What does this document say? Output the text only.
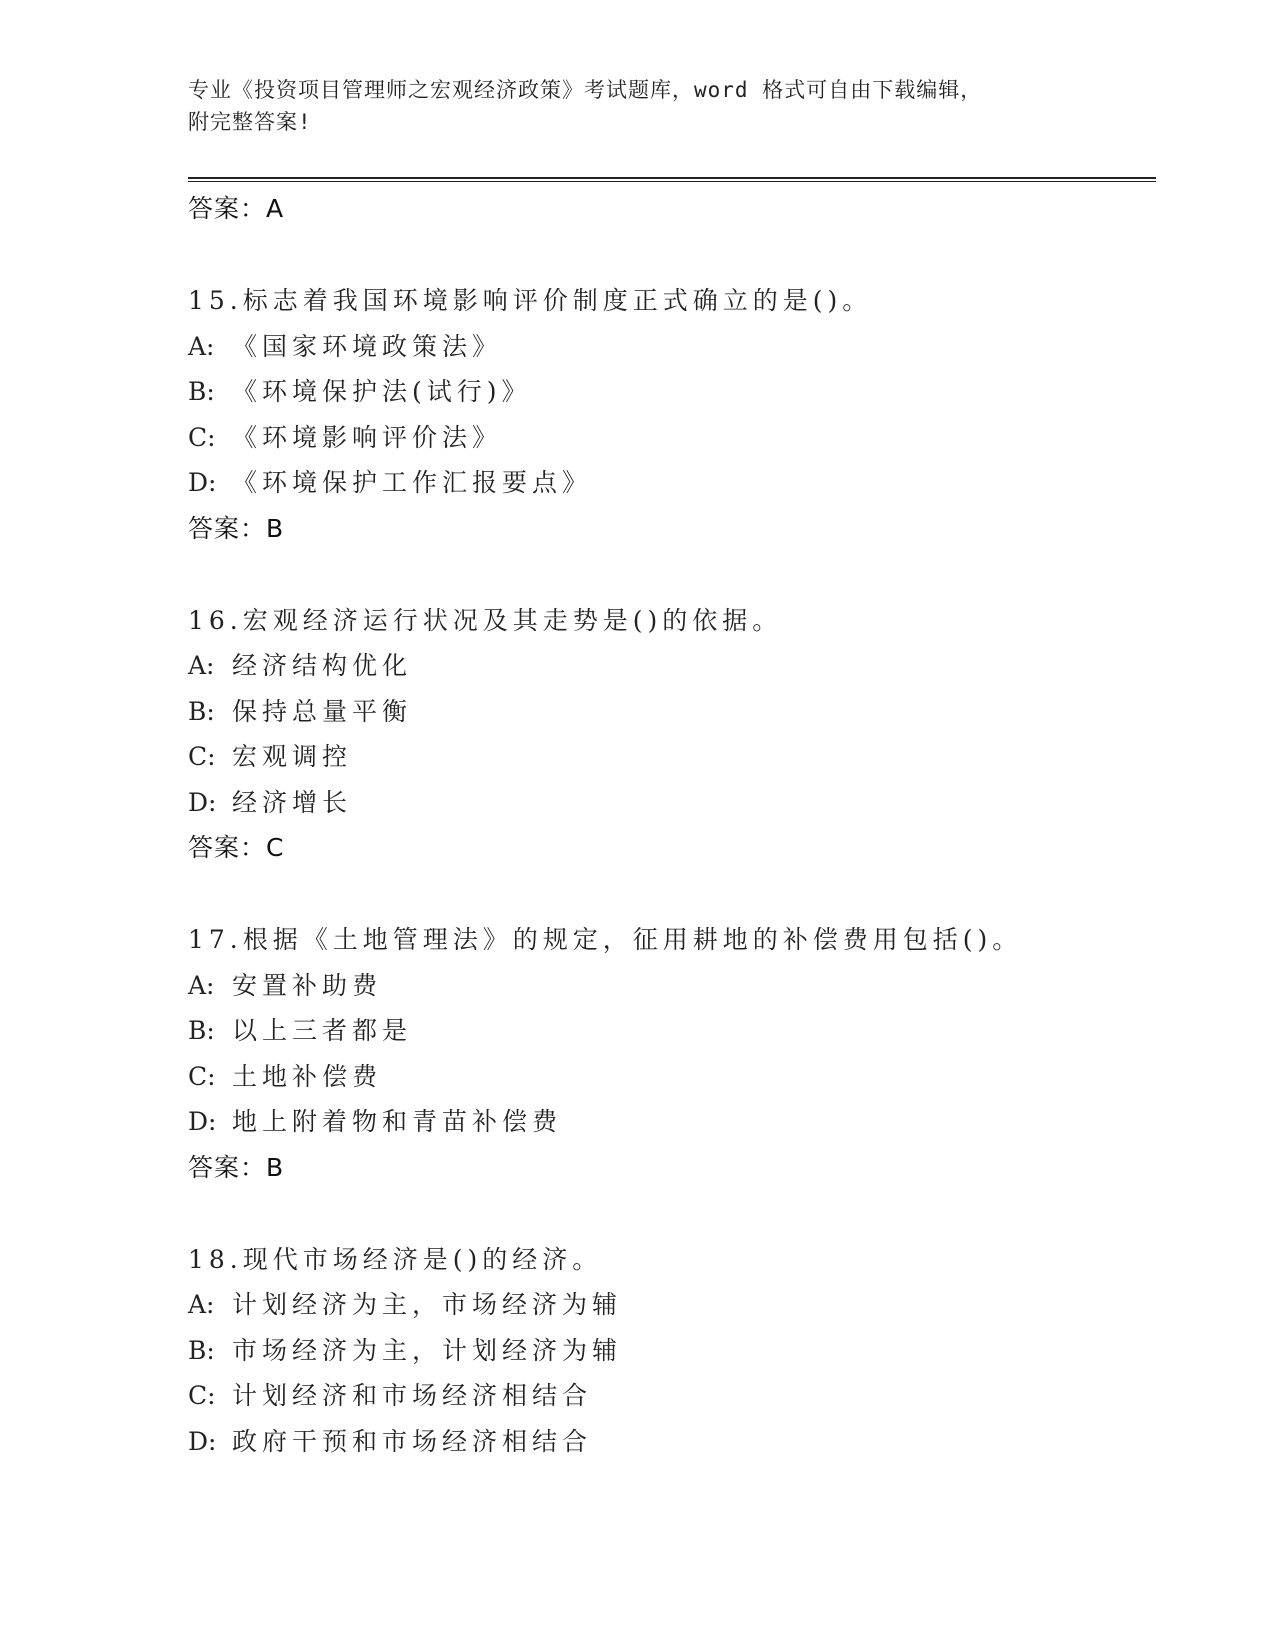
专业《投资项目管理师之宏观经济政策》考试题库，word 格式可自由下载编辑，
附完整答案!
答案：A
15.标志着我国环境影响评价制度正式确立的是()。
A: 《国家环境政策法》
B: 《环境保护法(试行)》
C: 《环境影响评价法》
D: 《环境保护工作汇报要点》
答案：B
16.宏观经济运行状况及其走势是()的依据。
A: 经济结构优化
B: 保持总量平衡
C: 宏观调控
D: 经济增长
答案：C
17.根据《土地管理法》的规定，征用耕地的补偿费用包括()。
A: 安置补助费
B: 以上三者都是
C: 土地补偿费
D: 地上附着物和青苗补偿费
答案：B
18.现代市场经济是()的经济。
A: 计划经济为主，市场经济为辅
B: 市场经济为主，计划经济为辅
C: 计划经济和市场经济相结合
D: 政府干预和市场经济相结合
